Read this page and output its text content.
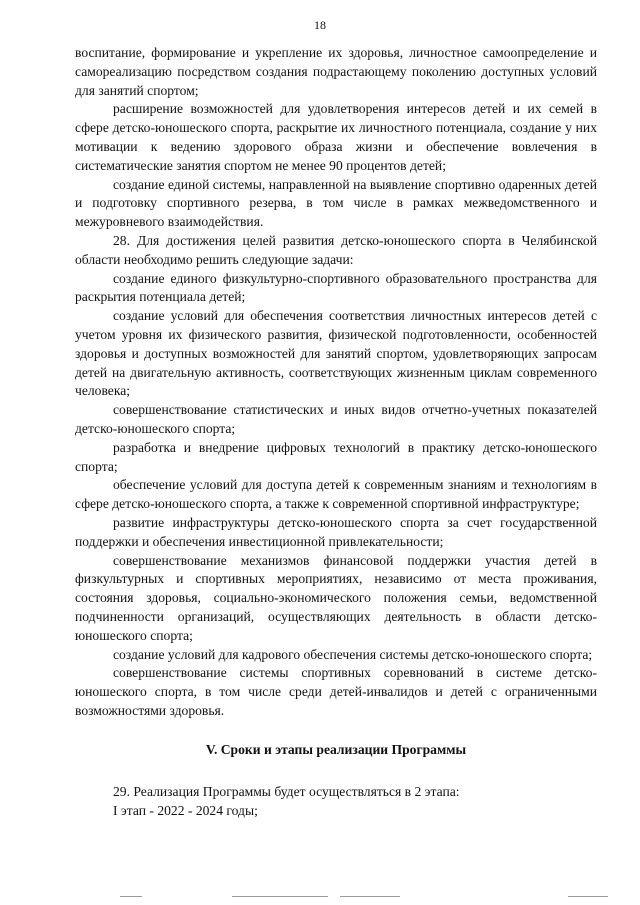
18

воспитание, формирование и укрепление их здоровья, личностное самоопределение и самореализацию посредством создания подрастающему поколению доступных условий для занятий спортом;

расширение возможностей для удовлетворения интересов детей и их семей в сфере детско-юношеского спорта, раскрытие их личностного потенциала, создание у них мотивации к ведению здорового образа жизни и обеспечение вовлечения в систематические занятия спортом не менее 90 процентов детей;

создание единой системы, направленной на выявление спортивно одаренных детей и подготовку спортивного резерва, в том числе в рамках межведомственного и межуровневого взаимодействия.

28. Для достижения целей развития детско-юношеского спорта в Челябинской области необходимо решить следующие задачи:

создание единого физкультурно-спортивного образовательного пространства для раскрытия потенциала детей;

создание условий для обеспечения соответствия личностных интересов детей с учетом уровня их физического развития, физической подготовленности, особенностей здоровья и доступных возможностей для занятий спортом, удовлетворяющих запросам детей на двигательную активность, соответствующих жизненным циклам современного человека;

совершенствование статистических и иных видов отчетно-учетных показателей детско-юношеского спорта;

разработка и внедрение цифровых технологий в практику детско-юношеского спорта;

обеспечение условий для доступа детей к современным знаниям и технологиям в сфере детско-юношеского спорта, а также к современной спортивной инфраструктуре;

развитие инфраструктуры детско-юношеского спорта за счет государственной поддержки и обеспечения инвестиционной привлекательности;

совершенствование механизмов финансовой поддержки участия детей в физкультурных и спортивных мероприятиях, независимо от места проживания, состояния здоровья, социально-экономического положения семьи, ведомственной подчиненности организаций, осуществляющих деятельность в области детско-юношеского спорта;

создание условий для кадрового обеспечения системы детско-юношеского спорта;

совершенствование системы спортивных соревнований в системе детско-юношеского спорта, в том числе среди детей-инвалидов и детей с ограниченными возможностями здоровья.

V. Сроки и этапы реализации Программы

29. Реализация Программы будет осуществляться в 2 этапа:

I этап - 2022 - 2024 годы;
